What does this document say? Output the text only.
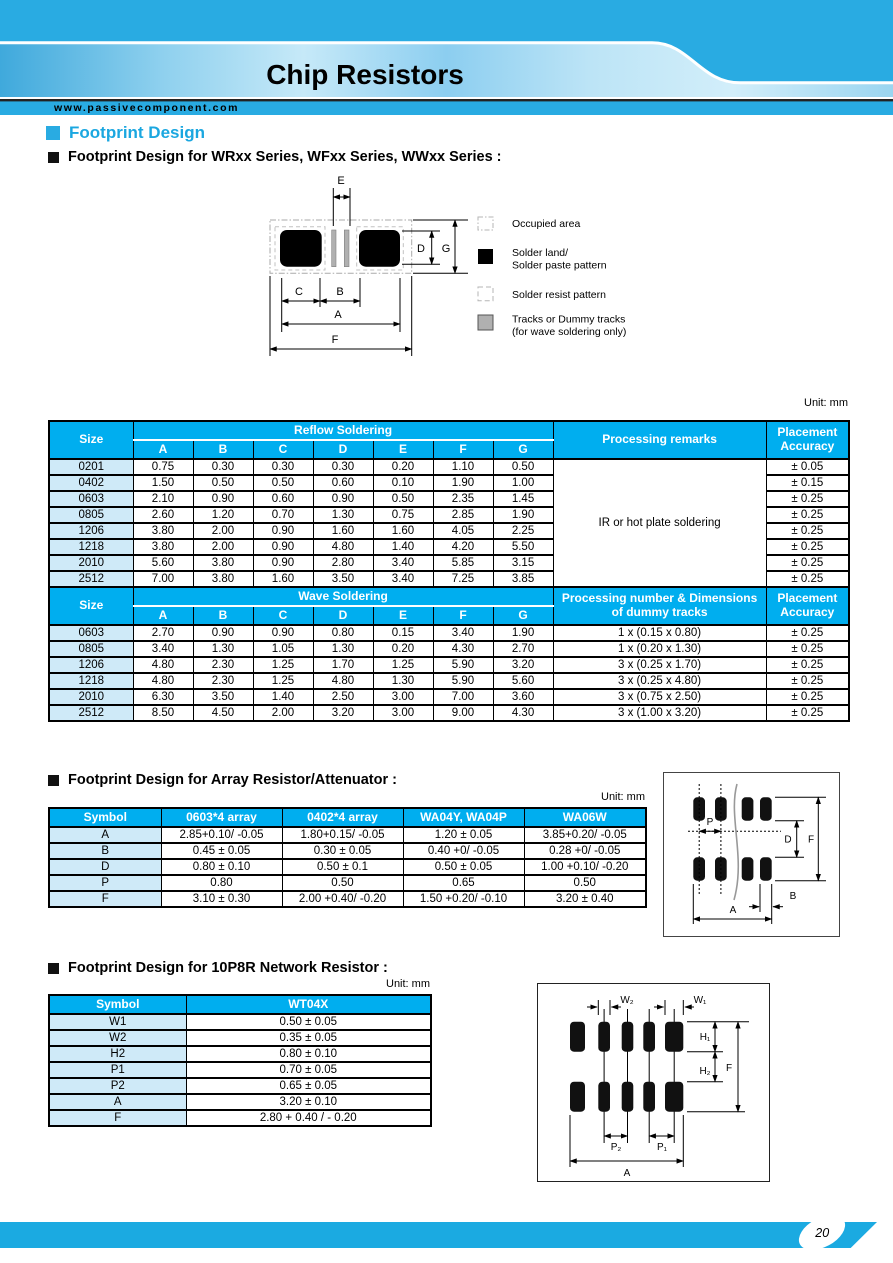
Chip Resistors
www.passivecomponent.com
Footprint Design
Footprint Design for WRxx Series, WFxx Series, WWxx Series :
E
D G
C	B
A
F
Occupied area
Solder land/
Solder paste pattern
Solder resist pattern
Tracks or Dummy tracks
(for wave soldering only)
Unit: mm
Size	Reflow Soldering							Processing remarks	Placement Accuracy
	A	B	C	D	E	F	G		
0201	0.75	0.30	0.30	0.30	0.20	1.10	0.50	IR or hot plate soldering	± 0.05
0402	1.50	0.50	0.50	0.60	0.10	1.90	1.00		± 0.15
0603	2.10	0.90	0.60	0.90	0.50	2.35	1.45		± 0.25
0805	2.60	1.20	0.70	1.30	0.75	2.85	1.90		± 0.25
1206	3.80	2.00	0.90	1.60	1.60	4.05	2.25		± 0.25
1218	3.80	2.00	0.90	4.80	1.40	4.20	5.50		± 0.25
2010	5.60	3.80	0.90	2.80	3.40	5.85	3.15		± 0.25
2512	7.00	3.80	1.60	3.50	3.40	7.25	3.85		± 0.25
Size	Wave Soldering							Processing number & Dimensions of dummy tracks	Placement Accuracy
	A	B	C	D	E	F	G		
0603	2.70	0.90	0.90	0.80	0.15	3.40	1.90	1 x (0.15 x 0.80)	± 0.25
0805	3.40	1.30	1.05	1.30	0.20	4.30	2.70	1 x (0.20 x 1.30)	± 0.25
1206	4.80	2.30	1.25	1.70	1.25	5.90	3.20	3 x (0.25 x 1.70)	± 0.25
1218	4.80	2.30	1.25	4.80	1.30	5.90	5.60	3 x (0.25 x 4.80)	± 0.25
2010	6.30	3.50	1.40	2.50	3.00	7.00	3.60	3 x (0.75 x 2.50)	± 0.25
2512	8.50	4.50	2.00	3.20	3.00	9.00	4.30	3 x (1.00 x 3.20)	± 0.25
Footprint Design for Array Resistor/Attenuator :
Unit: mm
Symbol	0603*4 array	0402*4 array	WA04Y, WA04P	WA06W
A	2.85+0.10/ -0.05	1.80+0.15/ -0.05	1.20 ± 0.05	3.85+0.20/ -0.05
B	0.45 ± 0.05	0.30 ± 0.05	0.40 +0/ -0.05	0.28 +0/ -0.05
D	0.80 ± 0.10	0.50 ± 0.1	0.50 ± 0.05	1.00 +0.10/ -0.20
P	0.80	0.50	0.65	0.50
F	3.10 ± 0.30	2.00 +0.40/ -0.20	1.50 +0.20/ -0.10	3.20 ± 0.40
P
D F
B
A
Footprint Design for 10P8R Network Resistor :
Unit: mm
Symbol	WT04X
W1	0.50 ± 0.05
W2	0.35 ± 0.05
H2	0.80 ± 0.10
P1	0.70 ± 0.05
P2	0.65 ± 0.05
A	3.20 ± 0.10
F	2.80 + 0.40 / - 0.20
W₂	W₁
H₁
H₂ F
P₂	P₁
A
20
